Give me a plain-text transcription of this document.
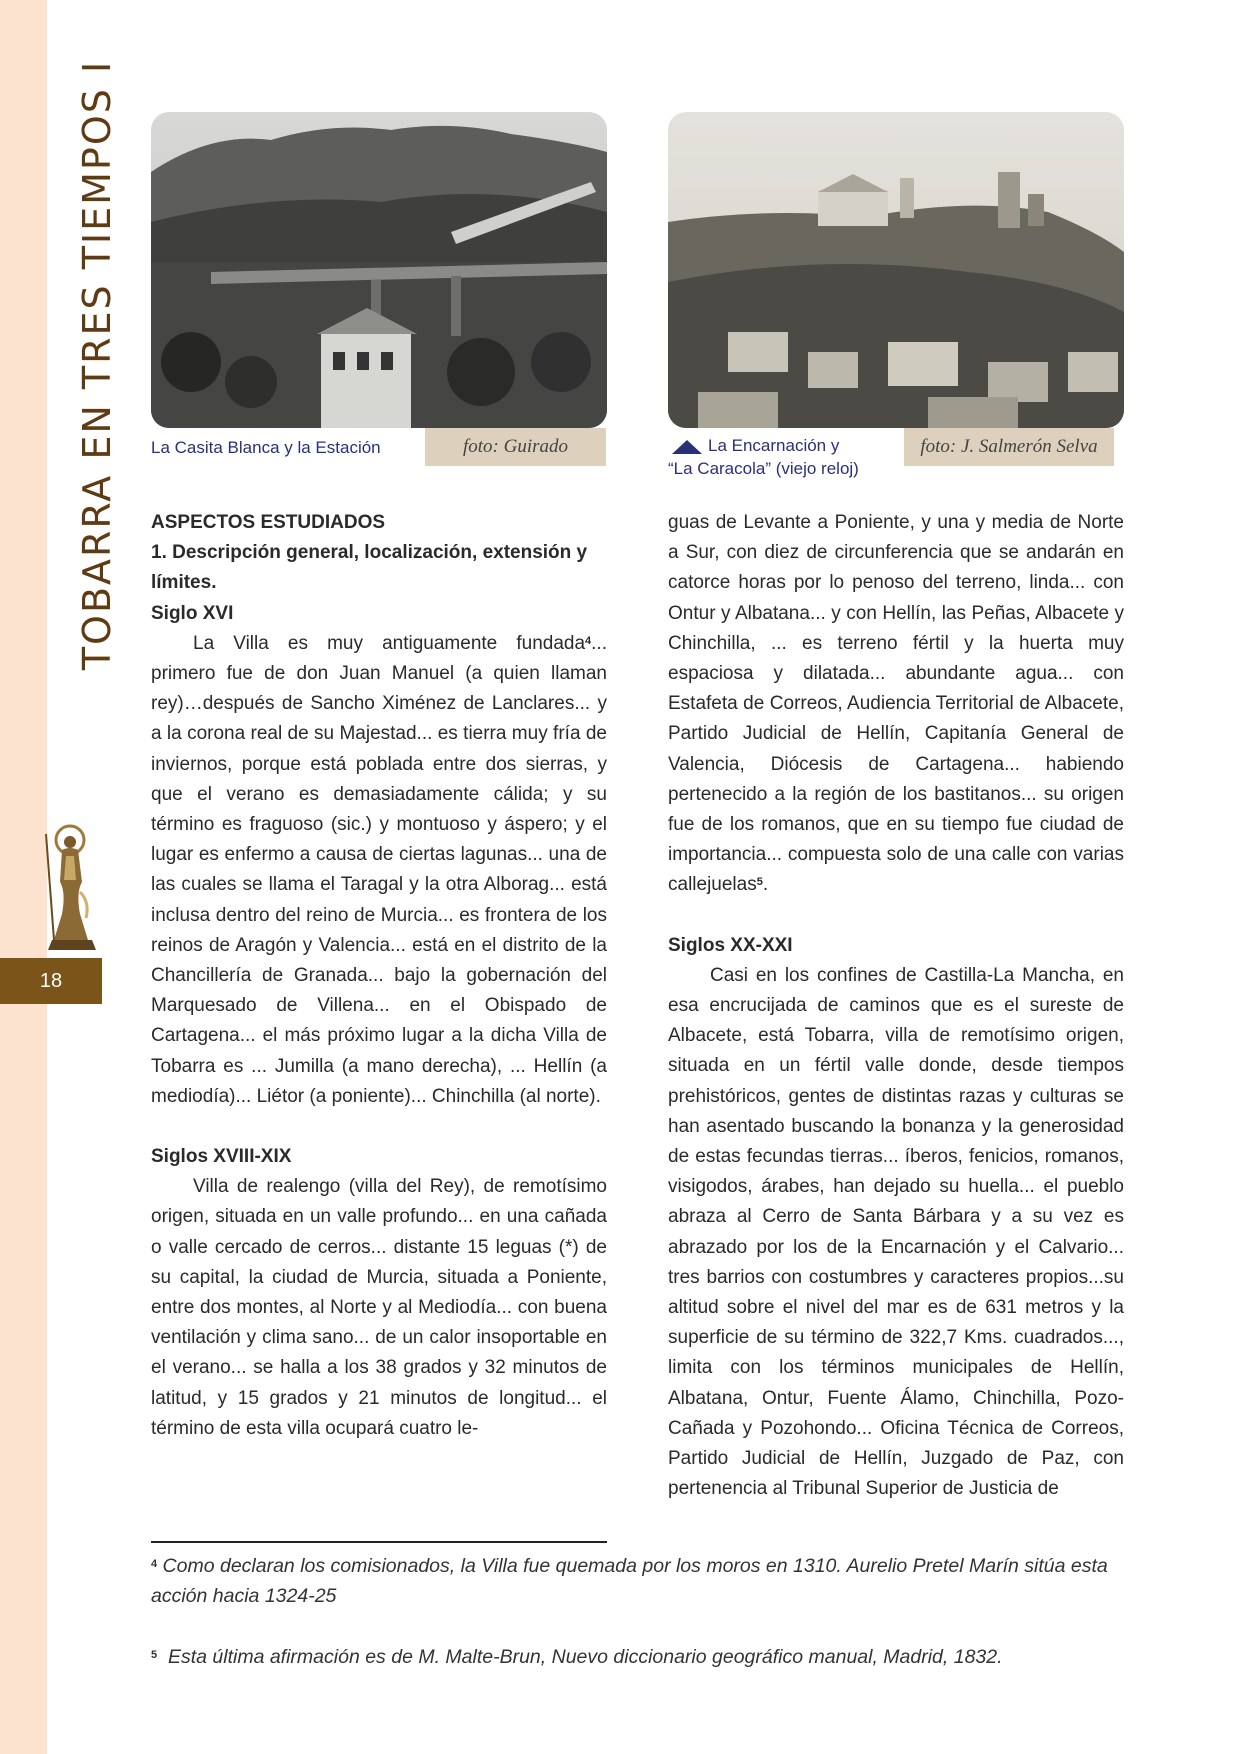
TOBARRA EN TRES TIEMPOS I
18
La Casita Blanca y la Estación	foto: Guirado	La Encarnación y
“La Caracola” (viejo reloj)
foto: J. Salmerón Selva

ASPECTOS ESTUDIADOS

1. Descripción general, localización, extensión y límites.

Siglo XVI

La Villa es muy antiguamente fundada$^4$... primero fue de don Juan Manuel (a quien llaman rey)…después de Sancho Ximénez de Lanclares... y a la corona real de su Majestad... es tierra muy fría de inviernos, porque está poblada entre dos sierras, y que el verano es demasiadamente cálida; y su término es fraguoso (sic.) y montuoso y áspero; y el lugar es enfermo a causa de ciertas lagunas... una de las cuales se llama el Taragal y la otra Alborag... está inclusa dentro del reino de Murcia... es frontera de los reinos de Aragón y Valencia... está en el distrito de la Chancillería de Granada... bajo la gobernación del Marquesado de Villena... en el Obispado de Cartagena... el más próximo lugar a la dicha Villa de Tobarra es ... Jumilla (a mano derecha), ... Hellín (a mediodía)... Liétor (a poniente)... Chinchilla (al norte).

Siglos XVIII-XIX

Villa de realengo (villa del Rey), de remotísimo origen, situada en un valle profundo... en una cañada o valle cercado de cerros... distante 15 leguas (*) de su capital, la ciudad de Murcia, situada a Poniente, entre dos montes, al Norte y al Mediodía... con buena ventilación y clima sano... de un calor insoportable en el verano... se halla a los 38 grados y 32 minutos de latitud, y 15 grados y 21 minutos de longitud... el término de esta villa ocupará cuatro le-

guas de Levante a Poniente, y una y media de Norte a Sur, con diez de circunferencia que se andarán en catorce horas por lo penoso del terreno, linda... con Ontur y Albatana... y con Hellín, las Peñas, Albacete y Chinchilla, ... es terreno fértil y la huerta muy espaciosa y dilatada... abundante agua... con Estafeta de Correos, Audiencia Territorial de Albacete, Partido Judicial de Hellín, Capitanía General de Valencia, Diócesis de Cartagena... habiendo pertenecido a la región de los bastitanos... su origen fue de los romanos, que en su tiempo fue ciudad de importancia... compuesta solo de una calle con varias callejuelas$^5$.

Siglos XX-XXI

Casi en los confines de Castilla-La Mancha, en esa encrucijada de caminos que es el sureste de Albacete, está Tobarra, villa de remotísimo origen, situada en un fértil valle donde, desde tiempos prehistóricos, gentes de distintas razas y culturas se han asentado buscando la bonanza y la generosidad de estas fecundas tierras... íberos, fenicios, romanos, visigodos, árabes, han dejado su huella... el pueblo abraza al Cerro de Santa Bárbara y a su vez es abrazado por los de la Encarnación y el Calvario... tres barrios con costumbres y caracteres propios...su altitud sobre el nivel del mar es de 631 metros y la superficie de su término de 322,7 Kms. cuadrados..., limita con los términos municipales de Hellín, Albatana, Ontur, Fuente Álamo, Chinchilla, Pozo-Cañada y Pozohondo... Oficina Técnica de Correos, Partido Judicial de Hellín, Juzgado de Paz, con pertenencia al Tribunal Superior de Justicia de

$^4$ Como declaran los comisionados, la Villa fue quemada por los moros en 1310. Aurelio Pretel Marín sitúa esta acción hacia 1324-25
$^5$ Esta última afirmación es de M. Malte-Brun, Nuevo diccionario geográfico manual, Madrid, 1832.
